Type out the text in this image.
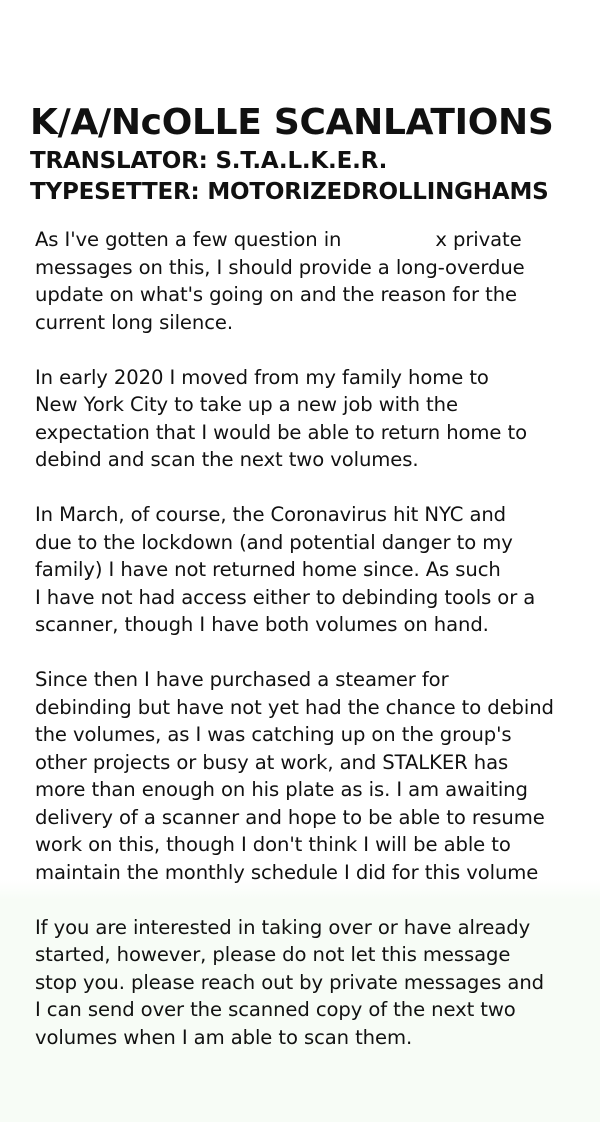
K/A/NcOLLE SCANLATIONS

TRANSLATOR: S.T.A.L.K.E.R.

TYPESETTER: MOTORIZEDROLLINGHAMS

As I've gotten a few question in	x private
messages on this, I should provide a long-overdue
update on what's going on and the reason for the
current long silence.

In early 2020 I moved from my family home to
New York City to take up a new job with the
expectation that I would be able to return home to
debind and scan the next two volumes.

In March, of course, the Coronavirus hit NYC and
due to the lockdown (and potential danger to my
family) I have not returned home since. As such
I have not had access either to debinding tools or a
scanner, though I have both volumes on hand.

Since then I have purchased a steamer for
debinding but have not yet had the chance to debind
the volumes, as I was catching up on the group's
other projects or busy at work, and STALKER has
more than enough on his plate as is. I am awaiting
delivery of a scanner and hope to be able to resume
work on this, though I don't think I will be able to
maintain the monthly schedule I did for this volume

If you are interested in taking over or have already
started, however, please do not let this message
stop you. please reach out by private messages and
I can send over the scanned copy of the next two
volumes when I am able to scan them.
